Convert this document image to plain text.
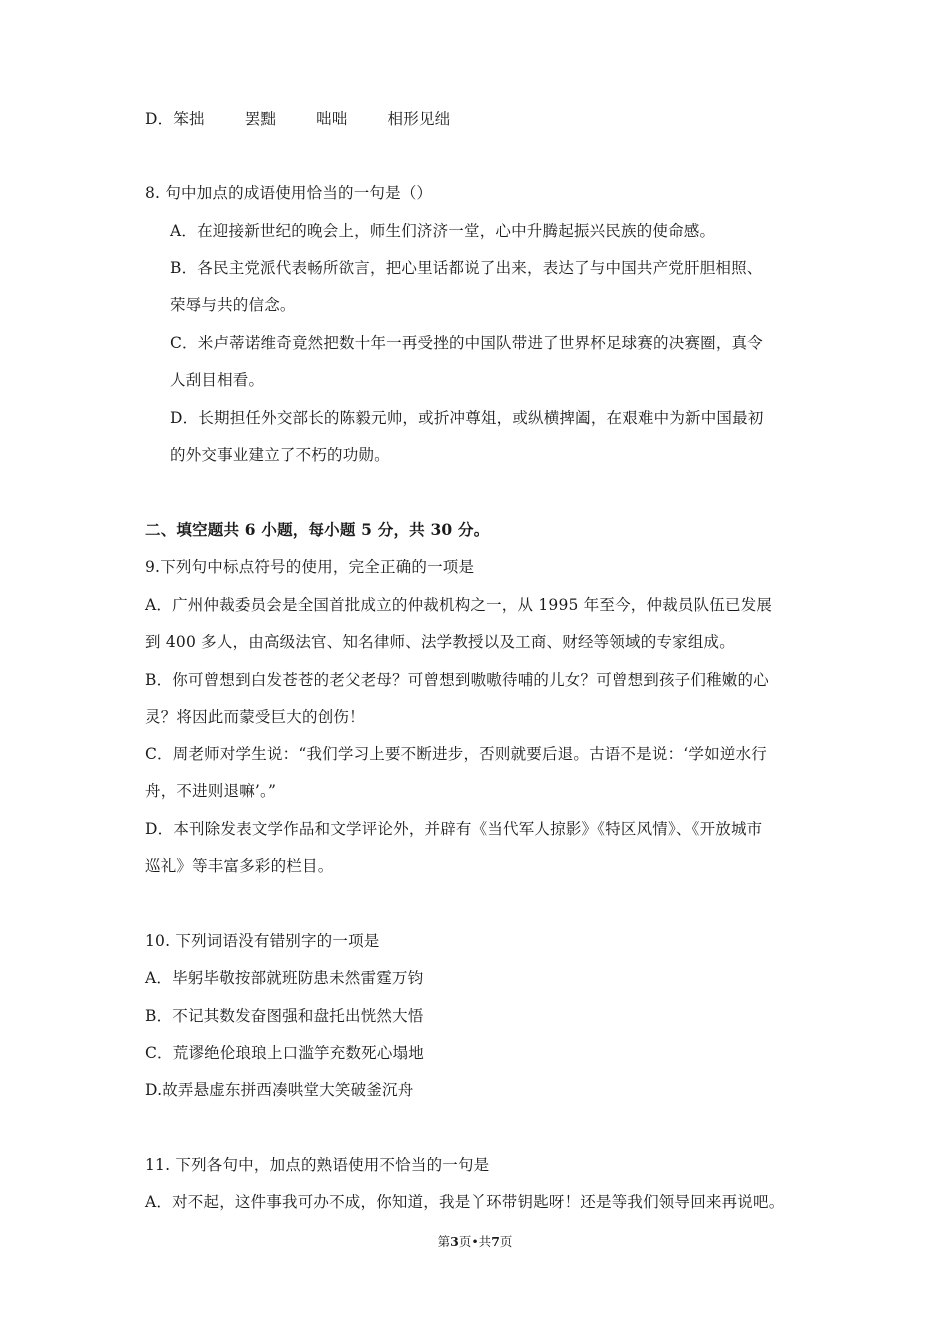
D．笨拙	罢黜	咄咄	相形见绌
8. 句中加点的成语使用恰当的一句是（）
A．在迎接新世纪的晚会上，师生们济济一堂，心中升腾起振兴民族的使命感。
B．各民主党派代表畅所欲言，把心里话都说了出来，表达了与中国共产党肝胆相照、
荣辱与共的信念。
C．米卢蒂诺维奇竟然把数十年一再受挫的中国队带进了世界杯足球赛的决赛圈，真令
人刮目相看。
D．长期担任外交部长的陈毅元帅，或折冲尊俎，或纵横捭阖，在艰难中为新中国最初
的外交事业建立了不朽的功勋。
二、填空题共 6 小题，每小题 5 分，共 30 分。
9.下列句中标点符号的使用，完全正确的一项是
A．广州仲裁委员会是全国首批成立的仲裁机构之一，从 1995 年至今，仲裁员队伍已发展
到 400 多人，由高级法官、知名律师、法学教授以及工商、财经等领域的专家组成。
B．你可曾想到白发苍苍的老父老母？可曾想到嗷嗷待哺的儿女？可曾想到孩子们稚嫩的心
灵？将因此而蒙受巨大的创伤！
C．周老师对学生说：“我们学习上要不断进步，否则就要后退。古语不是说：‘学如逆水行
舟，不进则退嘛’。”
D．本刊除发表文学作品和文学评论外，并辟有《当代军人掠影》《特区风情》、《开放城市
巡礼》等丰富多彩的栏目。
10. 下列词语没有错别字的一项是
A．毕躬毕敬按部就班防患未然雷霆万钧
B．不记其数发奋图强和盘托出恍然大悟
C．荒谬绝伦琅琅上口滥竽充数死心塌地
D.故弄悬虚东拼西凑哄堂大笑破釜沉舟
11. 下列各句中，加点的熟语使用不恰当的一句是
A．对不起，这件事我可办不成，你知道，我是丫环带钥匙呀！还是等我们领导回来再说吧。
第3页•共7页
